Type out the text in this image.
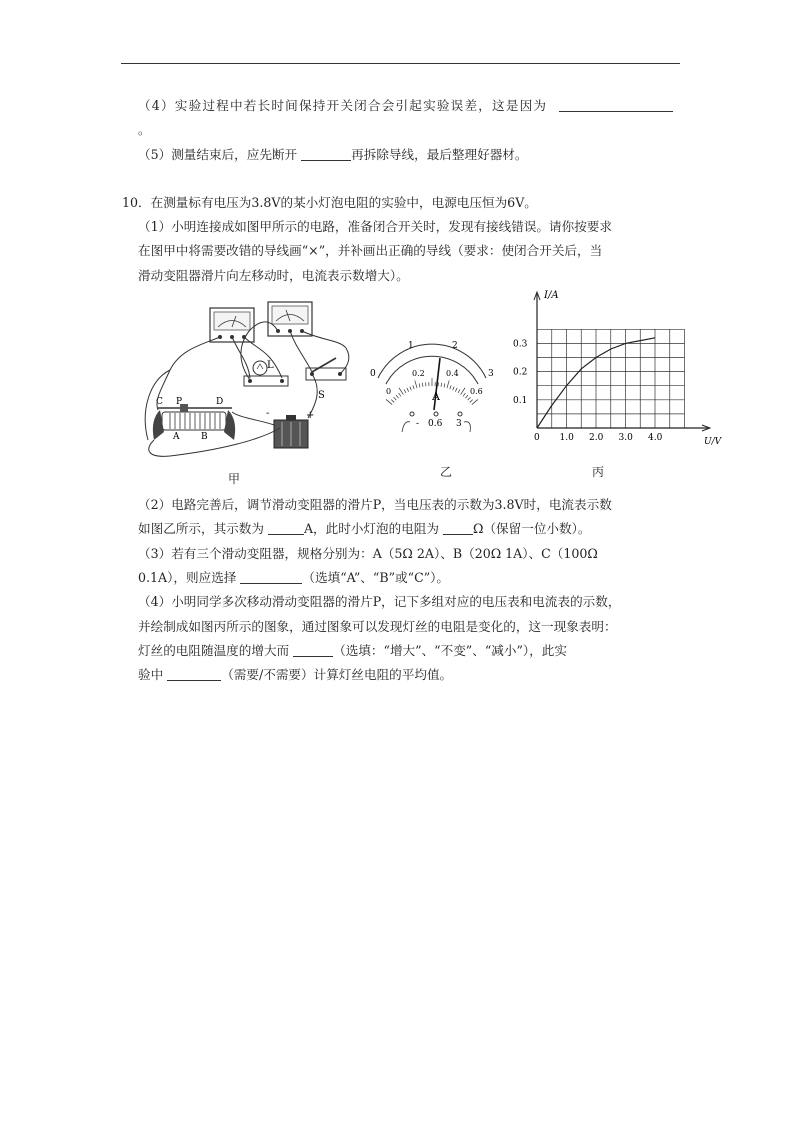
（4）实验过程中若长时间保持开关闭合会引起实验误差，这是因为
。
（5）测量结束后，应先断开	再拆除导线，最后整理好器材。
10．在测量标有电压为3.8V的某小灯泡电阻的实验中，电源电压恒为6V。
（1）小明连接成如图甲所示的电路，准备闭合开关时，发现有接线错误。请你按要求
在图甲中将需要改错的导线画“×”，并补画出正确的导线（要求：使闭合开关后，当
滑动变阻器滑片向左移动时，电流表示数增大）。
L
S
C P	D
A B
-	+
甲
0
1	2
3
0
0.2	0.4
0.6
A
- 0.6 3
乙
I/A
U/V
0
0.1
0.2
0.3
1.0 2.0 3.0 4.0
丙
（2）电路完善后，调节滑动变阻器的滑片P，当电压表的示数为3.8V时，电流表示数
如图乙所示，其示数为	A，此时小灯泡的电阻为	Ω（保留一位小数）。
（3）若有三个滑动变阻器，规格分别为：A（5Ω 2A）、B（20Ω 1A）、C（100Ω
0.1A），则应选择	（选填“A”、“B”或“C”）。
（4）小明同学多次移动滑动变阻器的滑片P，记下多组对应的电压表和电流表的示数，
并绘制成如图丙所示的图象，通过图象可以发现灯丝的电阻是变化的，这一现象表明：
灯丝的电阻随温度的增大而	（选填：“增大”、“不变”、“减小”），此实
验中	（需要/不需要）计算灯丝电阻的平均值。
